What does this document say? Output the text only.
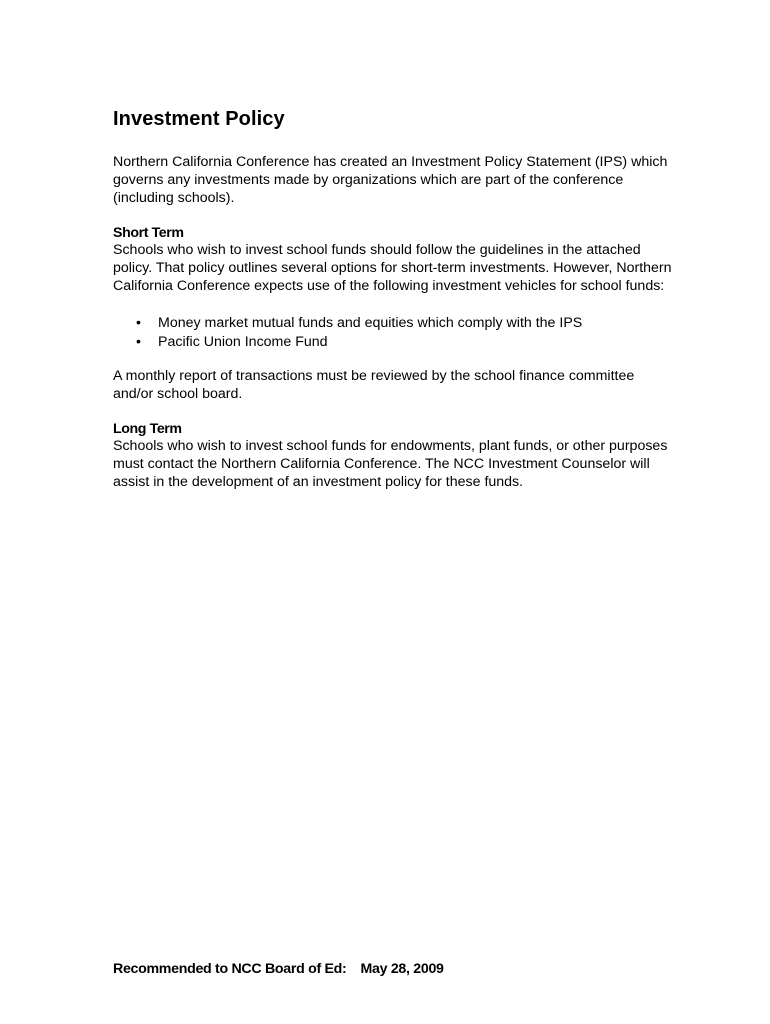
Investment Policy

Northern California Conference has created an Investment Policy Statement (IPS) which governs any investments made by organizations which are part of the conference (including schools).

Short Term

Schools who wish to invest school funds should follow the guidelines in the attached policy. That policy outlines several options for short-term investments. However, Northern California Conference expects use of the following investment vehicles for school funds:

• Money market mutual funds and equities which comply with the IPS
• Pacific Union Income Fund

A monthly report of transactions must be reviewed by the school finance committee and/or school board.

Long Term

Schools who wish to invest school funds for endowments, plant funds, or other purposes must contact the Northern California Conference. The NCC Investment Counselor will assist in the development of an investment policy for these funds.

Recommended to NCC Board of Ed: May 28, 2009
